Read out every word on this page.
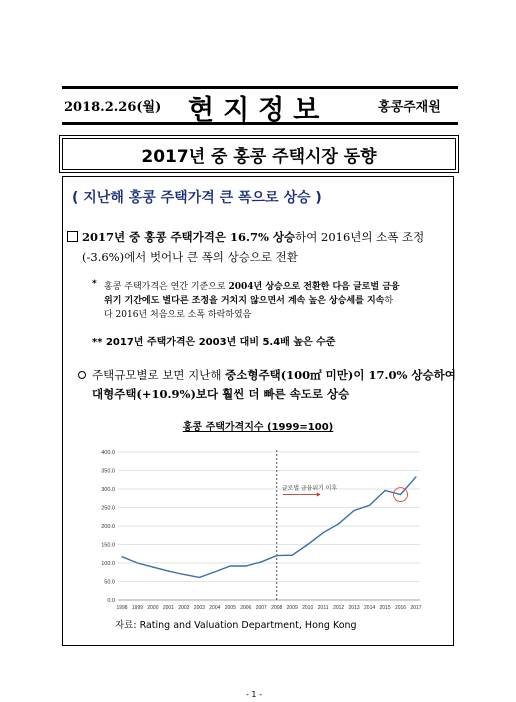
2018.2.26(월) 현지정보	홍콩주재원
2017년 중 홍콩 주택시장 동향
( 지난해 홍콩 주택가격 큰 폭으로 상승 )
2017년 중 홍콩 주택가격은 16.7% 상승하여 2016년의 소폭 조정
(-3.6%)에서 벗어나 큰 폭의 상승으로 전환
* 홍콩 주택가격은 연간 기준으로 2004년 상승으로 전환한 다음 글로벌 금융
위기 기간에도 별다른 조정을 거치지 않으면서 계속 높은 상승세를 지속하
다 2016년 처음으로 소폭 하락하였음
** 2017년 주택가격은 2003년 대비 5.4배 높은 수준
주택규모별로 보면 지난해 중소형주택(100㎡ 미만)이 17.0% 상승하여
대형주택(+10.9%)보다 훨씬 더 빠른 속도로 상승
홍콩 주택가격지수 (1999=100)
0.0
50.0
100.0
150.0
200.0
250.0
300.0
350.0
400.0
1998 1999 2000 2001 2002 2003 2004 2005 2006 2007 2008 2009 2010 2011 2012 2013 2014 2015 2016 2017
글로벌 금융위기 이후
자료: Rating and Valuation Department, Hong Kong
- 1 -
